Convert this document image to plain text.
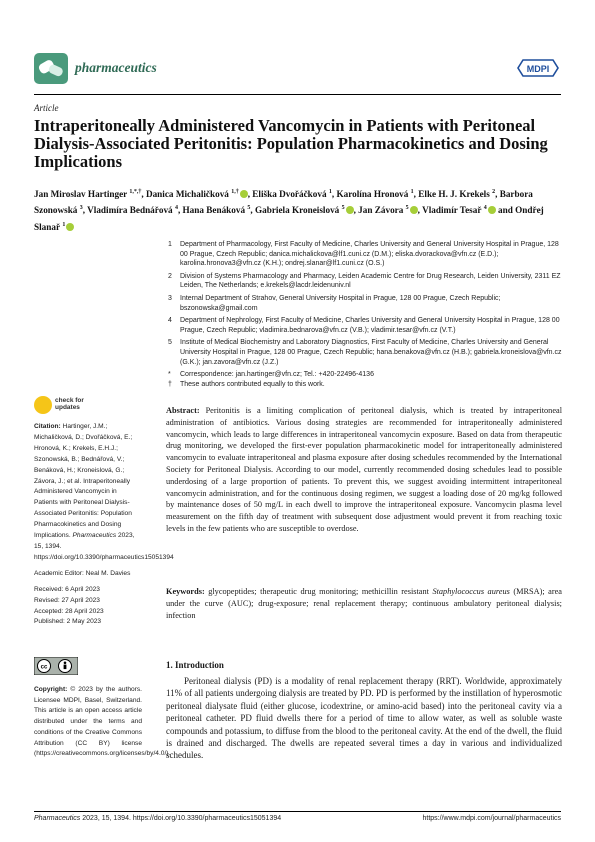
pharmaceutics	MDPI
Article
Intraperitoneally Administered Vancomycin in Patients with Peritoneal Dialysis-Associated Peritonitis: Population Pharmacokinetics and Dosing Implications
Jan Miroslav Hartinger $^{1,*,\dagger}$, Danica Michaličková $^{1,\dagger}$ , Eliška Dvořáčková $^1$, Karolína Hronová $^1$, Elke H. J. Krekels $^2$, Barbora Szonowská $^3$, Vladimíra Bednářová $^4$, Hana Benáková $^5$, Gabriela Kroneislová $^5$ , Jan Závora $^5$ , Vladimír Tesař $^4$ and Ondřej Slanař $^1$
1 Department of Pharmacology, First Faculty of Medicine, Charles University and General University Hospital in Prague, 128 00 Prague, Czech Republic; danica.michalickova@lf1.cuni.cz (D.M.); eliska.dvorackova@vfn.cz (E.D.); karolina.hronova3@vfn.cz (K.H.); ondrej.slanar@lf1.cuni.cz (O.S.)
2 Division of Systems Pharmacology and Pharmacy, Leiden Academic Centre for Drug Research, Leiden University, 2311 EZ Leiden, The Netherlands; e.krekels@lacdr.leidenuniv.nl
3 Internal Department of Strahov, General University Hospital in Prague, 128 00 Prague, Czech Republic; bszonowska@gmail.com
4 Department of Nephrology, First Faculty of Medicine, Charles University and General University Hospital in Prague, 128 00 Prague, Czech Republic; vladimira.bednarova@vfn.cz (V.B.); vladimir.tesar@vfn.cz (V.T.)
5 Institute of Medical Biochemistry and Laboratory Diagnostics, First Faculty of Medicine, Charles University and General University Hospital in Prague, 128 00 Prague, Czech Republic; hana.benakova@vfn.cz (H.B.); gabriela.kroneislova@vfn.cz (G.K.); jan.zavora@vfn.cz (J.Z.)
* Correspondence: jan.hartinger@vfn.cz; Tel.: +420-22496-4136
† These authors contributed equally to this work.
check for
updates
Citation: Hartinger, J.M.; Michaličková, D.; Dvořáčková, E.; Hronová, K.; Krekels, E.H.J.; Szonowská, B.; Bednářová, V.; Benáková, H.; Kroneislová, G.; Závora, J.; et al. Intraperitoneally Administered Vancomycin in Patients with Peritoneal Dialysis-Associated Peritonitis: Population Pharmacokinetics and Dosing Implications. Pharmaceutics 2023, 15, 1394. https://doi.org/10.3390/pharmaceutics15051394
Academic Editor: Neal M. Davies
Received: 6 April 2023
Revised: 27 April 2023
Accepted: 28 April 2023
Published: 2 May 2023
cc
Copyright: © 2023 by the authors. Licensee MDPI, Basel, Switzerland. This article is an open access article distributed under the terms and conditions of the Creative Commons Attribution (CC BY) license (https://creativecommons.org/licenses/by/4.0/).
Abstract: Peritonitis is a limiting complication of peritoneal dialysis, which is treated by intraperitoneal administration of antibiotics. Various dosing strategies are recommended for intraperitoneally administered vancomycin, which leads to large differences in intraperitoneal vancomycin exposure. Based on data from therapeutic drug monitoring, we developed the first-ever population pharmacokinetic model for intraperitoneally administered vancomycin to evaluate intraperitoneal and plasma exposure after dosing schedules recommended by the International Society for Peritoneal Dialysis. According to our model, currently recommended dosing schedules lead to possible underdosing of a large proportion of patients. To prevent this, we suggest avoiding intermittent intraperitoneal vancomycin administration, and for the continuous dosing regimen, we suggest a loading dose of 20 mg/kg followed by maintenance doses of 50 mg/L in each dwell to improve the intraperitoneal exposure. Vancomycin plasma level measurement on the fifth day of treatment with subsequent dose adjustment would prevent it from reaching toxic levels in the few patients who are susceptible to overdose.
Keywords: glycopeptides; therapeutic drug monitoring; methicillin resistant Staphylococcus aureus (MRSA); area under the curve (AUC); drug-exposure; renal replacement therapy; continuous ambulatory peritoneal dialysis; infection
1. Introduction
Peritoneal dialysis (PD) is a modality of renal replacement therapy (RRT). Worldwide, approximately 11% of all patients undergoing dialysis are treated by PD. PD is performed by the instillation of hyperosmotic peritoneal dialysate fluid (either glucose, icodextrine, or amino-acid based) into the peritoneal cavity via a peritoneal catheter. PD fluid dwells there for a period of time to allow water, as well as soluble waste compounds and potassium, to diffuse from the blood to the peritoneal cavity. At the end of the dwell, the fluid is drained and discharged. The dwells are repeated several times a day in various and individualized schedules.
Pharmaceutics 2023, 15, 1394. https://doi.org/10.3390/pharmaceutics15051394	https://www.mdpi.com/journal/pharmaceutics
